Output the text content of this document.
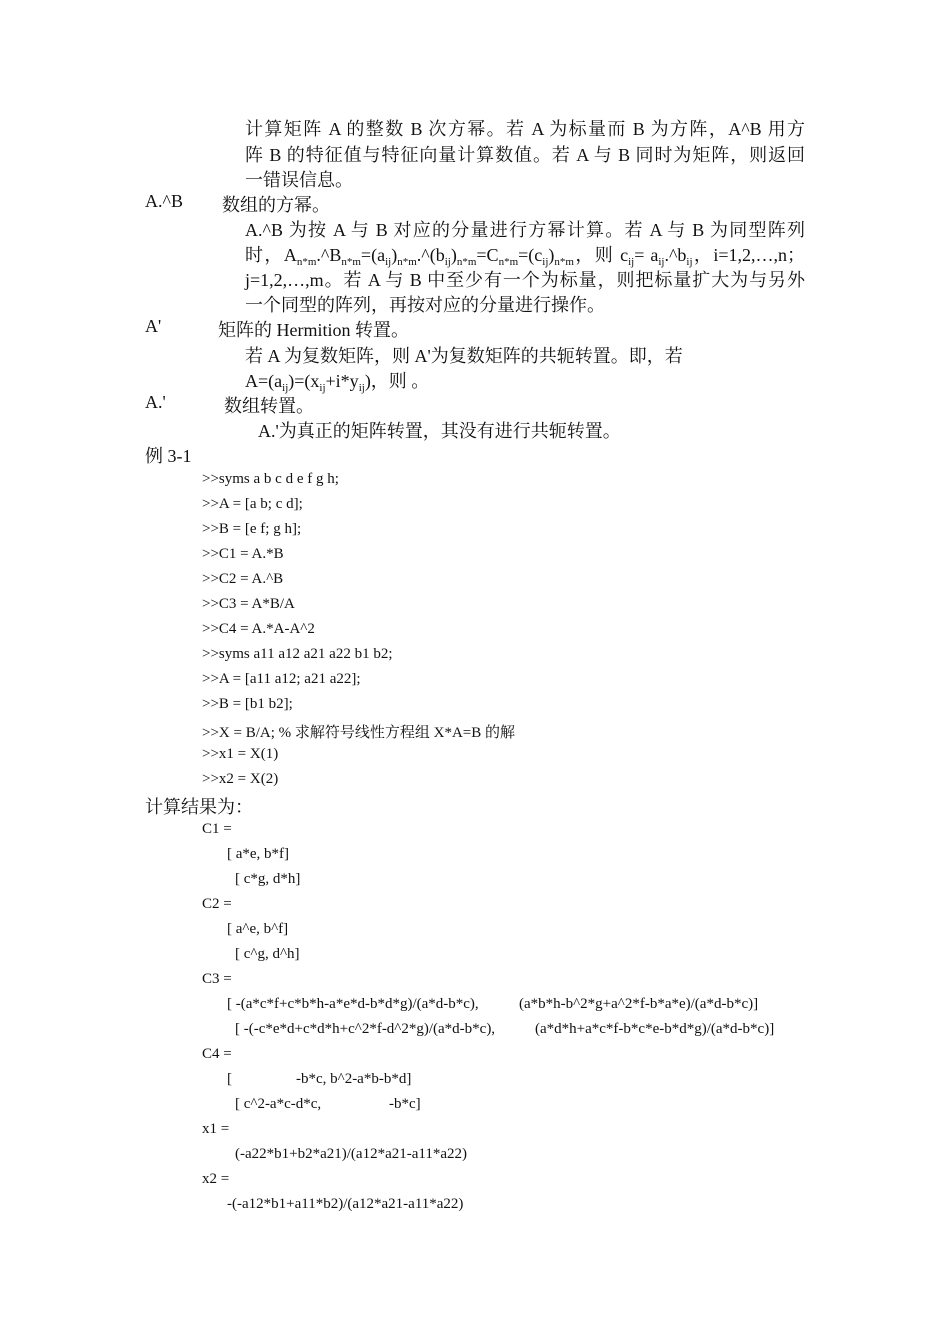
计算矩阵 A 的整数 B 次方幂。若 A 为标量而 B 为方阵，A^B 用方
阵 B 的特征值与特征向量计算数值。若 A 与 B 同时为矩阵，则返回
一错误信息。
A.^B 数组的方幂。
A.^B 为按 A 与 B 对应的分量进行方幂计算。若 A 与 B 为同型阵列
时，$A_{n*m}.\^{}B_{n*m}=(a_{ij})_{n*m}.\^{}(b_{ij})_{n*m}=C_{n*m}=(c_{ij})_{n*m}$，则 $c_{ij}=$ $a_{ij}.\^{}b_{ij}$，i=1,2,…,n；
j=1,2,…,m。若 A 与 B 中至少有一个为标量，则把标量扩大为与另外
一个同型的阵列，再按对应的分量进行操作。
A'	矩阵的 Hermition 转置。
若 A 为复数矩阵，则 A'为复数矩阵的共轭转置。即，若
$A=(a_{ij})=(x_{ij}+i*y_{ij})$，则 。
A.'	数组转置。
A.'为真正的矩阵转置，其没有进行共轭转置。
例 3-1
>>syms a b c d e f g h;
>>A = [a b; c d];
>>B = [e f; g h];
>>C1 = A.*B
>>C2 = A.^B
>>C3 = A*B/A
>>C4 = A.*A-A^2
>>syms a11 a12 a21 a22 b1 b2;
>>A = [a11 a12; a21 a22];
>>B = [b1 b2];
>>X = B/A; % 求解符号线性方程组 X*A=B 的解
>>x1 = X(1)
>>x2 = X(2)
计算结果为：
C1 =
[ a*e, b*f]
[ c*g, d*h]
C2 =
[ a^e, b^f]
[ c^g, d^h]
C3 =
[ -(a*c*f+c*b*h-a*e*d-b*d*g)/(a*d-b*c),	(a*b*h-b^2*g+a^2*f-b*a*e)/(a*d-b*c)]
[ -(-c*e*d+c*d*h+c^2*f-d^2*g)/(a*d-b*c),	(a*d*h+a*c*f-b*c*e-b*d*g)/(a*d-b*c)]
C4 =
[	-b*c, b^2-a*b-b*d]
[ c^2-a*c-d*c,	-b*c]
x1 =
(-a22*b1+b2*a21)/(a12*a21-a11*a22)
x2 =
-(-a12*b1+a11*b2)/(a12*a21-a11*a22)
